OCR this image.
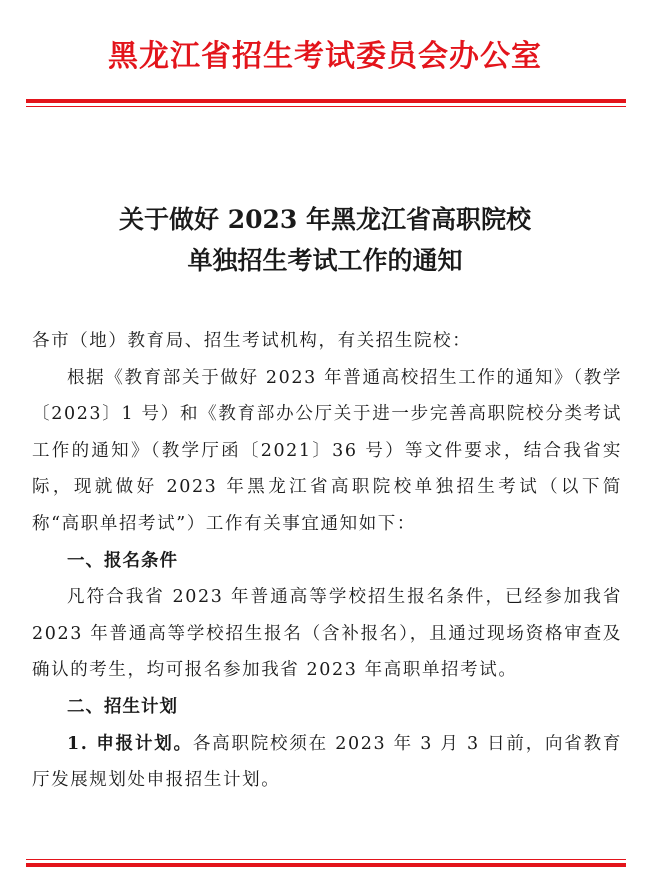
黑龙江省招生考试委员会办公室
关于做好 2023 年黑龙江省高职院校
单独招生考试工作的通知

各市（地）教育局、招生考试机构，有关招生院校：

根据《教育部关于做好 2023 年普通高校招生工作的通知》（教学〔2023〕1 号）和《教育部办公厅关于进一步完善高职院校分类考试工作的通知》（教学厅函〔2021〕36 号）等文件要求，结合我省实际，现就做好 2023 年黑龙江省高职院校单独招生考试（以下简称“高职单招考试”）工作有关事宜通知如下：

一、报名条件

凡符合我省 2023 年普通高等学校招生报名条件，已经参加我省 2023 年普通高等学校招生报名（含补报名），且通过现场资格审查及确认的考生，均可报名参加我省 2023 年高职单招考试。

二、招生计划

1. 申报计划。各高职院校须在 2023 年 3 月 3 日前，向省教育厅发展规划处申报招生计划。
